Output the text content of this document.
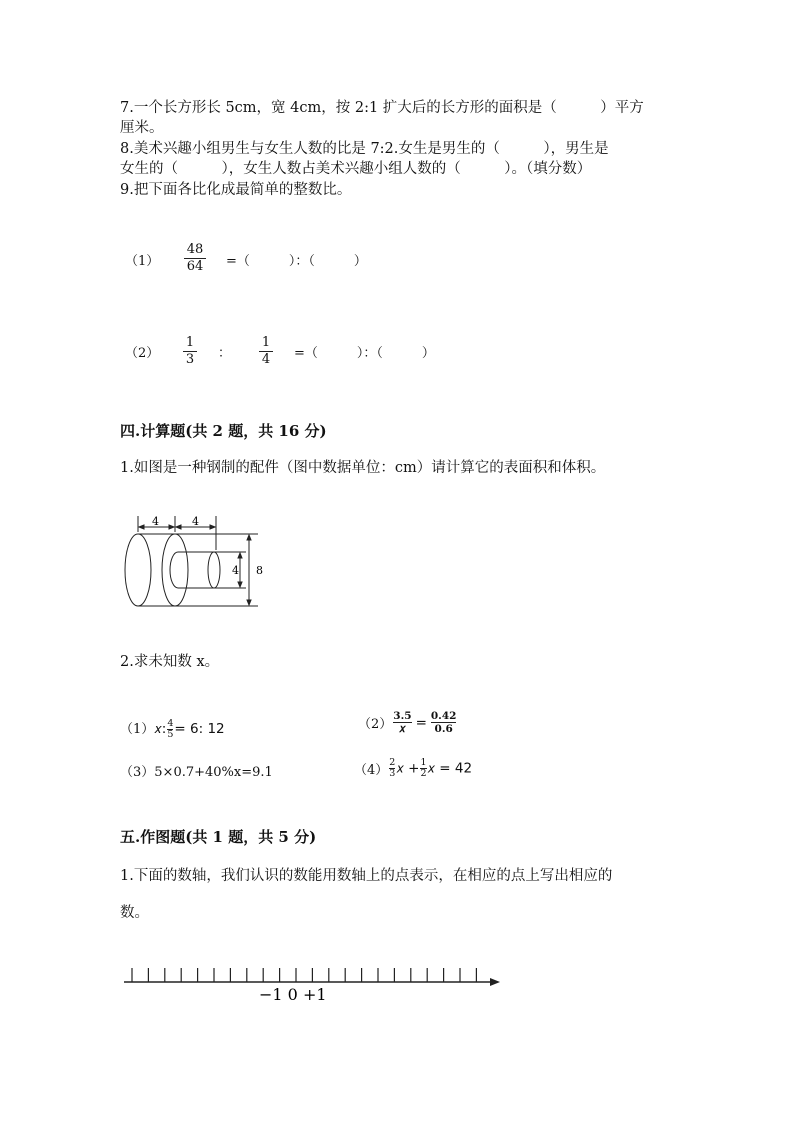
7.一个长方形长 5cm，宽 4cm，按 2:1 扩大后的长方形的面积是（　　　）平方
厘米。
8.美术兴趣小组男生与女生人数的比是 7:2.女生是男生的（　　　），男生是
女生的（　　　），女生人数占美术兴趣小组人数的（　　　）。（填分数）
9.把下面各比化成最简单的整数比。
（1）
48
64 =（　　　）：（　　　）
（2）
1
3 ：
1
4 =（　　　）：（　　　）
四.计算题(共 2 题，共 16 分)
1.如图是一种钢制的配件（图中数据单位：cm）请计算它的表面积和体积。
4	4
4 8
2.求未知数 x。
$(1)𝑥:\frac{4}{5}= 6$: 12	（2）3.5
𝑥 = $\frac{0.42}{0.6}$
（3）5×0.7+40%x=9.1	$(4)\frac{2}{3}𝑥$ $+\frac{1}{2}𝑥 = 42$
五.作图题(共 1 题，共 5 分)
1.下面的数轴，我们认识的数能用数轴上的点表示，在相应的点上写出相应的
数。
−1 0 +1
